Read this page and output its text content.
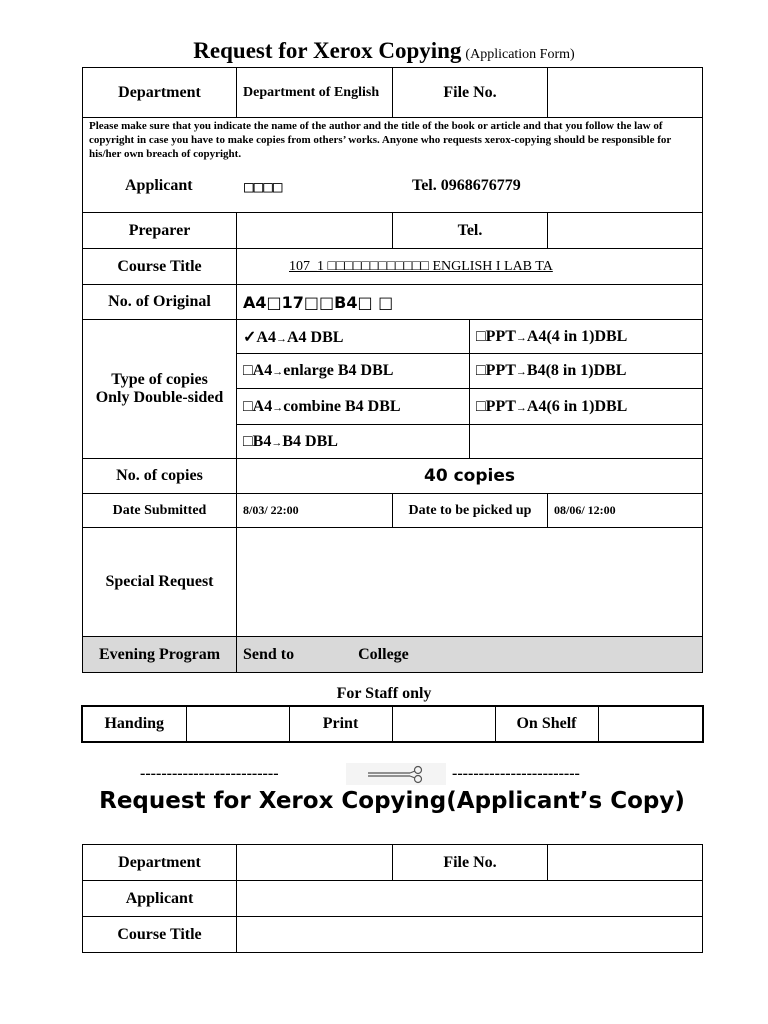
Request for Xerox Copying (Application Form)
Department	Department of English	File No.		

Please make sure that you indicate the name of the author and the title of the book or article and that you follow the law of copyright in case you have to make copies from others’ works. Anyone who requests xerox-copying should be responsible for his/her own breach of copyright.
Applicant □□□□ Tel. 0968676779				

Preparer		Tel.		
Course Title	107_1 □□□□□□□□□□□□ ENGLISH I LAB TA			
No. of Original	A4□17□□B4□ □			

Type of copies
Only Double-sided	✓A4→A4 DBL		□PPT→A4(4 in 1)DBL	
	□A4→enlarge B4 DBL		□PPT→B4(8 in 1)DBL	
	□A4→combine B4 DBL		□PPT→A4(6 in 1)DBL	
	□B4→B4 DBL			
No. of copies	40 copies			
Date Submitted	8/03/ 22:00	Date to be picked up		08/06/ 12:00
Special Request				
Evening Program	Send to College			
For Staff only
Handing		Print		On Shelf	
--------------------------	------------------------
Request for Xerox Copying(Applicant’s Copy)
Department		File No.	
Applicant			
Course Title			
